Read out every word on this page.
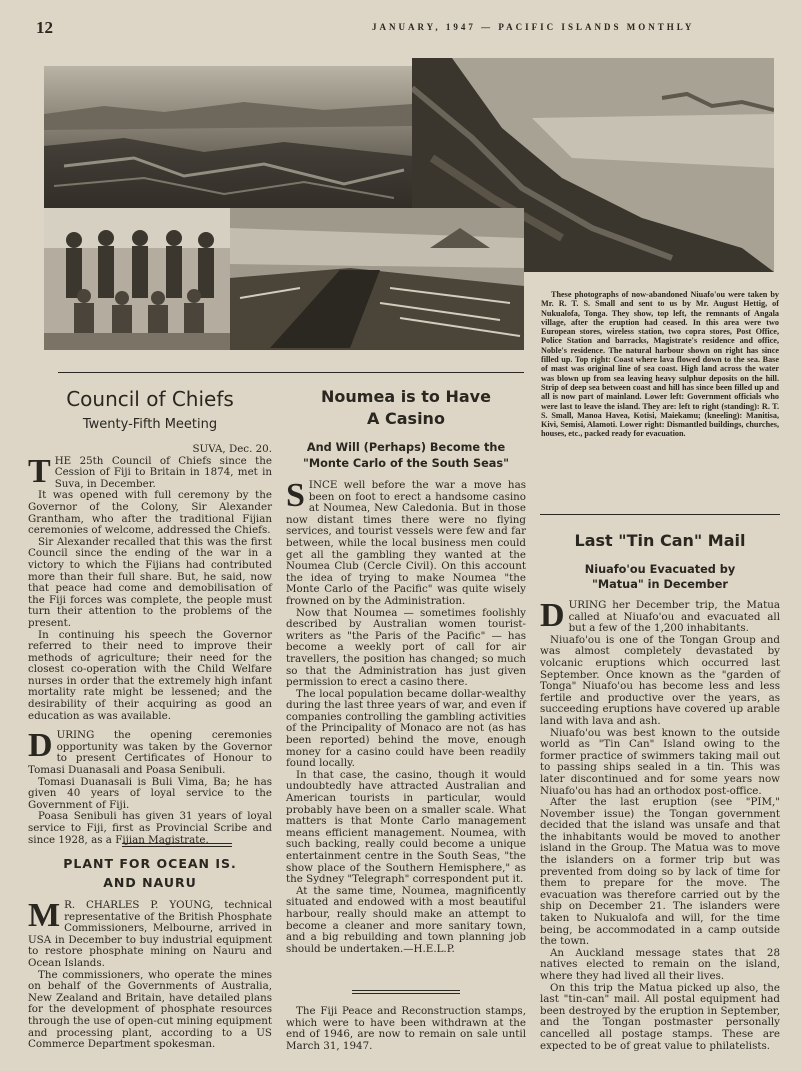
12	JANUARY, 1947 — PACIFIC ISLANDS MONTHLY
These photographs of now-abandoned Niuafo'ou were taken by Mr. R. T. S. Small and sent to us by Mr. August Hettig, of Nukualofa, Tonga. They show, top left, the remnants of Angala village, after the eruption had ceased. In this area were two European stores, wireless station, two copra stores, Post Office, Police Station and barracks, Magistrate's residence and office, Noble's residence. The natural harbour shown on right has since filled up. Top right: Coast where lava flowed down to the sea. Base of mast was original line of sea coast. High land across the water was blown up from sea leaving heavy sulphur deposits on the hill. Strip of deep sea between coast and hill has since been filled up and all is now part of mainland. Lower left: Government officials who were last to leave the island. They are: left to right (standing): R. T. S. Small, Manoa Havea, Kotisi, Maiekamu; (kneeling): Manitisa, Kivi, Semisi, Alamoti. Lower right: Dismantled buildings, churches, houses, etc., packed ready for evacuation.
Council of Chiefs
Twenty-Fifth Meeting

SUVA, Dec. 20.

THE 25th Council of Chiefs since the Cession of Fiji to Britain in 1874, met in Suva, in December.

It was opened with full ceremony by the Governor of the Colony, Sir Alexander Grantham, who after the traditional Fijian ceremonies of welcome, addressed the Chiefs.

Sir Alexander recalled that this was the first Council since the ending of the war in a victory to which the Fijians had contributed more than their full share. But, he said, now that peace had come and demobilisation of the Fiji forces was complete, the people must turn their attention to the problems of the present.

In continuing his speech the Governor referred to their need to improve their methods of agriculture; their need for the closest co-operation with the Child Welfare nurses in order that the extremely high infant mortality rate might be lessened; and the desirability of their acquiring as good an education as was available.

DURING the opening ceremonies opportunity was taken by the Governor to present Certificates of Honour to Tomasi Duanasali and Poasa Senibuli.

Tomasi Duanasali is Buli Vima, Ba; he has given 40 years of loyal service to the Government of Fiji.

Poasa Senibuli has given 31 years of loyal service to Fiji, first as Provincial Scribe and since 1928, as a Fijian Magistrate.

PLANT FOR OCEAN IS. AND NAURU

M R. CHARLES P. YOUNG, technical representative of the British Phosphate Commissioners, Melbourne, arrived in USA in December to buy industrial equipment to restore phosphate mining on Nauru and Ocean Islands.

The commissioners, who operate the mines on behalf of the Governments of Australia, New Zealand and Britain, have detailed plans for the development of phosphate resources through the use of open-cut mining equipment and processing plant, according to a US Commerce Department spokesman.

Noumea is to Have A Casino
And Will (Perhaps) Become the "Monte Carlo of the South Seas"

SINCE well before the war a move has been on foot to erect a handsome casino at Noumea, New Caledonia. But in those now distant times there were no flying services, and tourist vessels were few and far between, while the local business men could get all the gambling they wanted at the Noumea Club (Cercle Civil). On this account the idea of trying to make Noumea "the Monte Carlo of the Pacific" was quite wisely frowned on by the Administration.

Now that Noumea — sometimes foolishly described by Australian women tourist-writers as "the Paris of the Pacific" — has become a weekly port of call for air travellers, the position has changed; so much so that the Administration has just given permission to erect a casino there.

The local population became dollar-wealthy during the last three years of war, and even if companies controlling the gambling activities of the Principality of Monaco are not (as has been reported) behind the move, enough money for a casino could have been readily found locally.

In that case, the casino, though it would undoubtedly have attracted Australian and American tourists in particular, would probably have been on a smaller scale. What matters is that Monte Carlo management means efficient management. Noumea, with such backing, really could become a unique entertainment centre in the South Seas, "the show place of the Southern Hemisphere," as the Sydney "Telegraph" correspondent put it.

At the same time, Noumea, magnificently situated and endowed with a most beautiful harbour, really should make an attempt to become a cleaner and more sanitary town, and a big rebuilding and town planning job should be undertaken.—H.E.L.P.

The Fiji Peace and Reconstruction stamps, which were to have been withdrawn at the end of 1946, are now to remain on sale until March 31, 1947.

Last "Tin Can" Mail
Niuafo'ou Evacuated by "Matua" in December

DURING her December trip, the Matua called at Niuafo'ou and evacuated all but a few of the 1,200 inhabitants.

Niuafo'ou is one of the Tongan Group and was almost completely devastated by volcanic eruptions which occurred last September. Once known as the "garden of Tonga" Niuafo'ou has become less and less fertile and productive over the years, as succeeding eruptions have covered up arable land with lava and ash.

Niuafo'ou was best known to the outside world as "Tin Can" Island owing to the former practice of swimmers taking mail out to passing ships sealed in a tin. This was later discontinued and for some years now Niuafo'ou has had an orthodox post-office.

After the last eruption (see "PIM," November issue) the Tongan government decided that the island was unsafe and that the inhabitants would be moved to another island in the Group. The Matua was to move the islanders on a former trip but was prevented from doing so by lack of time for them to prepare for the move. The evacuation was therefore carried out by the ship on December 21. The islanders were taken to Nukualofa and will, for the time being, be accommodated in a camp outside the town.

An Auckland message states that 28 natives elected to remain on the island, where they had lived all their lives.

On this trip the Matua picked up also, the last "tin-can" mail. All postal equipment had been destroyed by the eruption in September, and the Tongan postmaster personally cancelled all postage stamps. These are expected to be of great value to philatelists.
